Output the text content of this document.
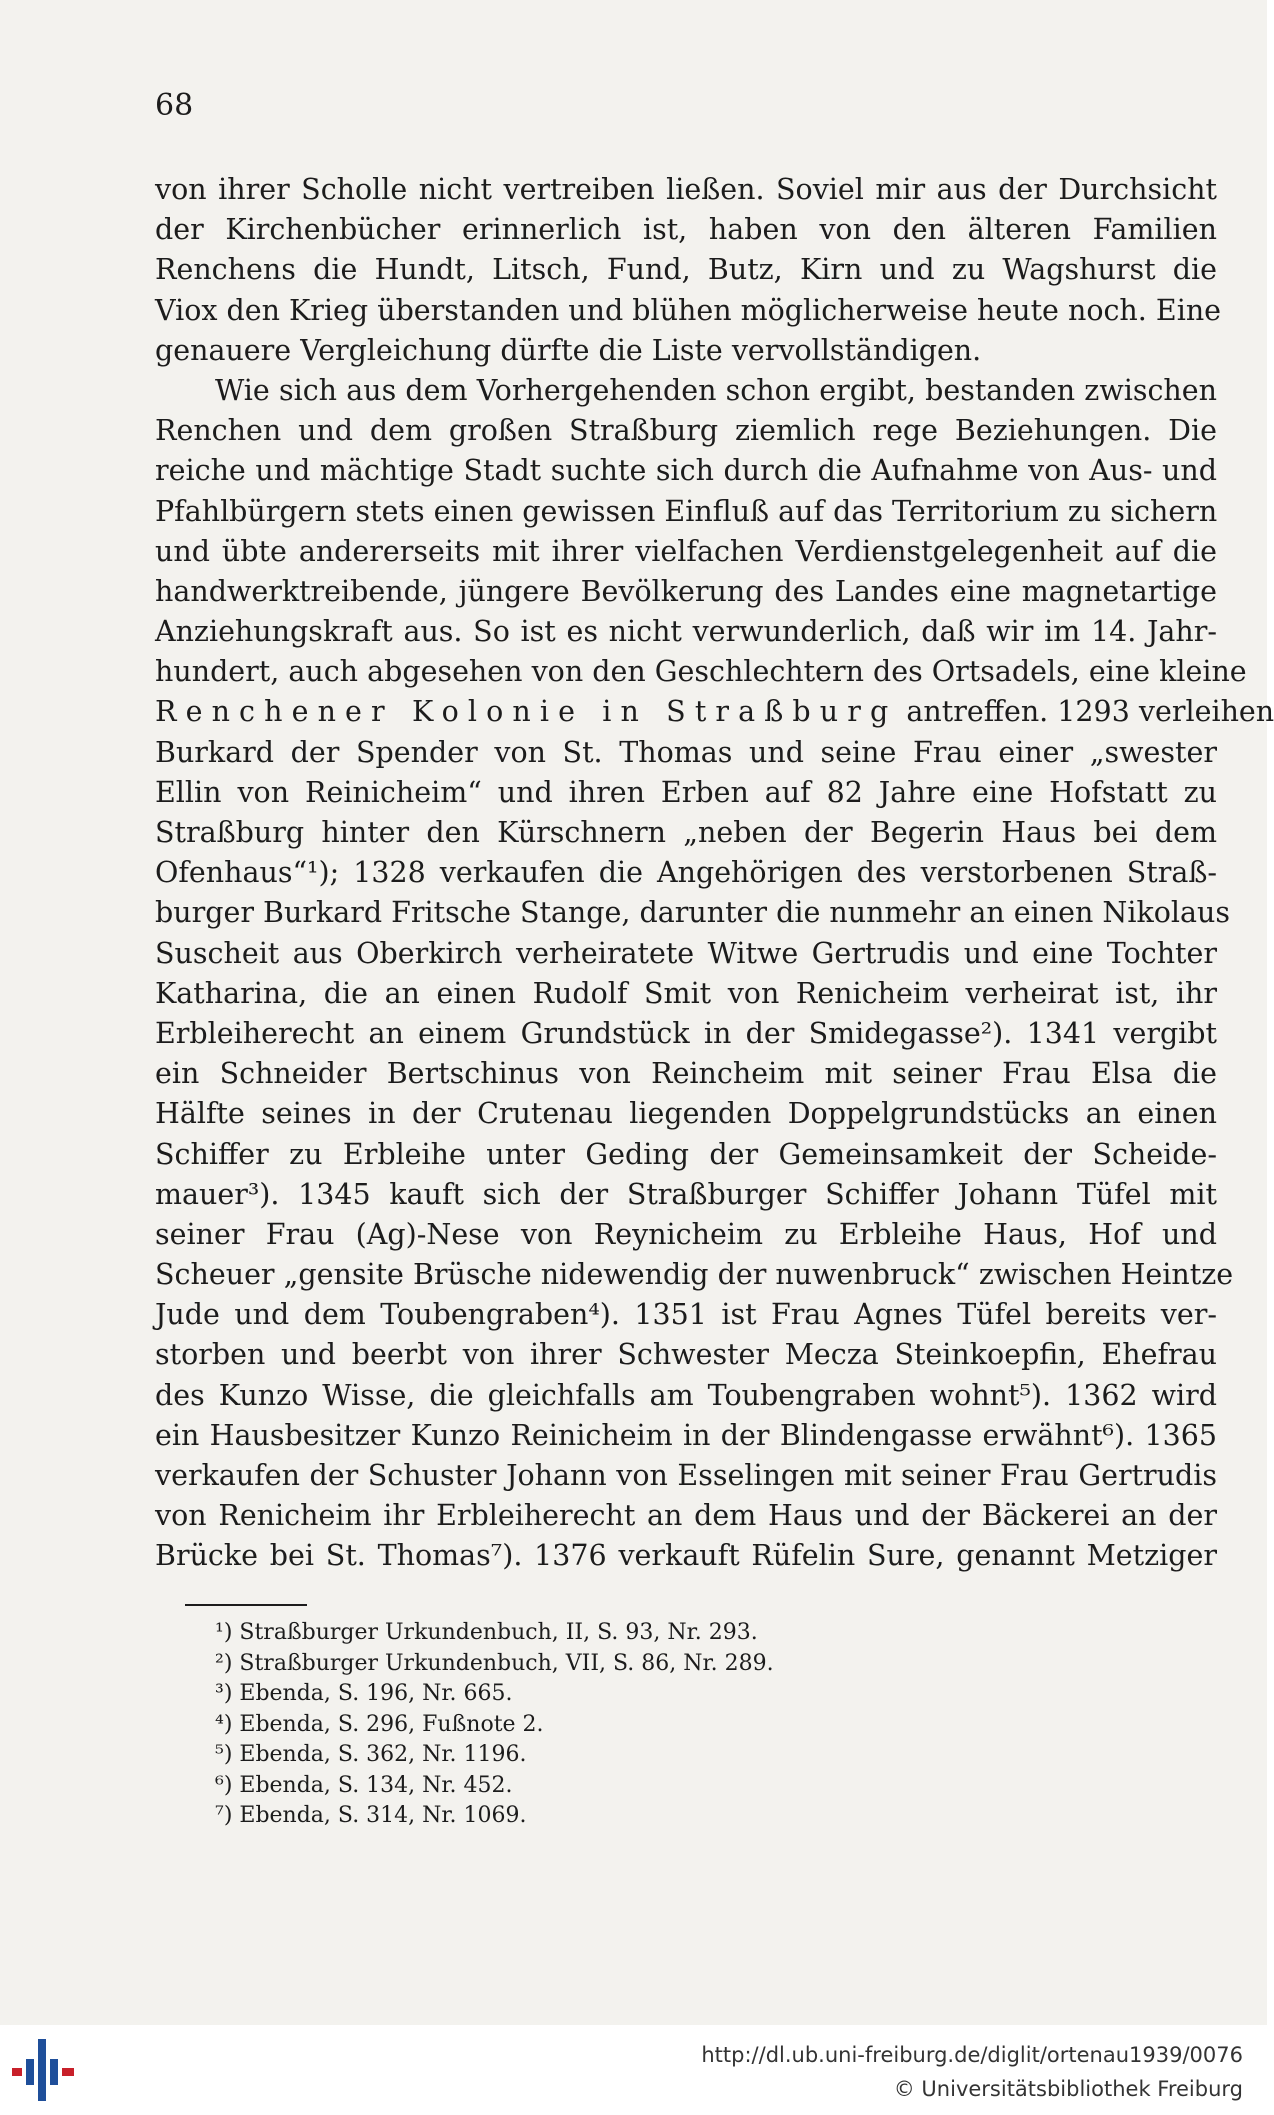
68
von ihrer Scholle nicht vertreiben ließen. Soviel mir aus der Durchsicht
der Kirchenbücher erinnerlich ist, haben von den älteren Familien
Renchens die Hundt, Litsch, Fund, Butz, Kirn und zu Wagshurst die
Viox den Krieg überstanden und blühen möglicherweise heute noch. Eine
genauere Vergleichung dürfte die Liste vervollständigen.
Wie sich aus dem Vorhergehenden schon ergibt, bestanden zwischen
Renchen und dem großen Straßburg ziemlich rege Beziehungen. Die
reiche und mächtige Stadt suchte sich durch die Aufnahme von Aus- und
Pfahlbürgern stets einen gewissen Einfluß auf das Territorium zu sichern
und übte andererseits mit ihrer vielfachen Verdienstgelegenheit auf die
handwerktreibende, jüngere Bevölkerung des Landes eine magnetartige
Anziehungskraft aus. So ist es nicht verwunderlich, daß wir im 14. Jahr-
hundert, auch abgesehen von den Geschlechtern des Ortsadels, eine kleine
Renchener Kolonie in Straßburg antreffen. 1293 verleihen
Burkard der Spender von St. Thomas und seine Frau einer „swester
Ellin von Reinicheim“ und ihren Erben auf 82 Jahre eine Hofstatt zu
Straßburg hinter den Kürschnern „neben der Begerin Haus bei dem
Ofenhaus“¹); 1328 verkaufen die Angehörigen des verstorbenen Straß-
burger Burkard Fritsche Stange, darunter die nunmehr an einen Nikolaus
Suscheit aus Oberkirch verheiratete Witwe Gertrudis und eine Tochter
Katharina, die an einen Rudolf Smit von Renicheim verheirat ist, ihr
Erbleiherecht an einem Grundstück in der Smidegasse²). 1341 vergibt
ein Schneider Bertschinus von Reincheim mit seiner Frau Elsa die
Hälfte seines in der Crutenau liegenden Doppelgrundstücks an einen
Schiffer zu Erbleihe unter Geding der Gemeinsamkeit der Scheide-
mauer³). 1345 kauft sich der Straßburger Schiffer Johann Tüfel mit
seiner Frau (Ag)-Nese von Reynicheim zu Erbleihe Haus, Hof und
Scheuer „gensite Brüsche nidewendig der nuwenbruck“ zwischen Heintze
Jude und dem Toubengraben⁴). 1351 ist Frau Agnes Tüfel bereits ver-
storben und beerbt von ihrer Schwester Mecza Steinkoepfin, Ehefrau
des Kunzo Wisse, die gleichfalls am Toubengraben wohnt⁵). 1362 wird
ein Hausbesitzer Kunzo Reinicheim in der Blindengasse erwähnt⁶). 1365
verkaufen der Schuster Johann von Esselingen mit seiner Frau Gertrudis
von Renicheim ihr Erbleiherecht an dem Haus und der Bäckerei an der
Brücke bei St. Thomas⁷). 1376 verkauft Rüfelin Sure, genannt Metziger
¹) Straßburger Urkundenbuch, II, S. 93, Nr. 293.
²) Straßburger Urkundenbuch, VII, S. 86, Nr. 289.
³) Ebenda, S. 196, Nr. 665.
⁴) Ebenda, S. 296, Fußnote 2.
⁵) Ebenda, S. 362, Nr. 1196.
⁶) Ebenda, S. 134, Nr. 452.
⁷) Ebenda, S. 314, Nr. 1069.
http://dl.ub.uni-freiburg.de/diglit/ortenau1939/0076
© Universitätsbibliothek Freiburg
